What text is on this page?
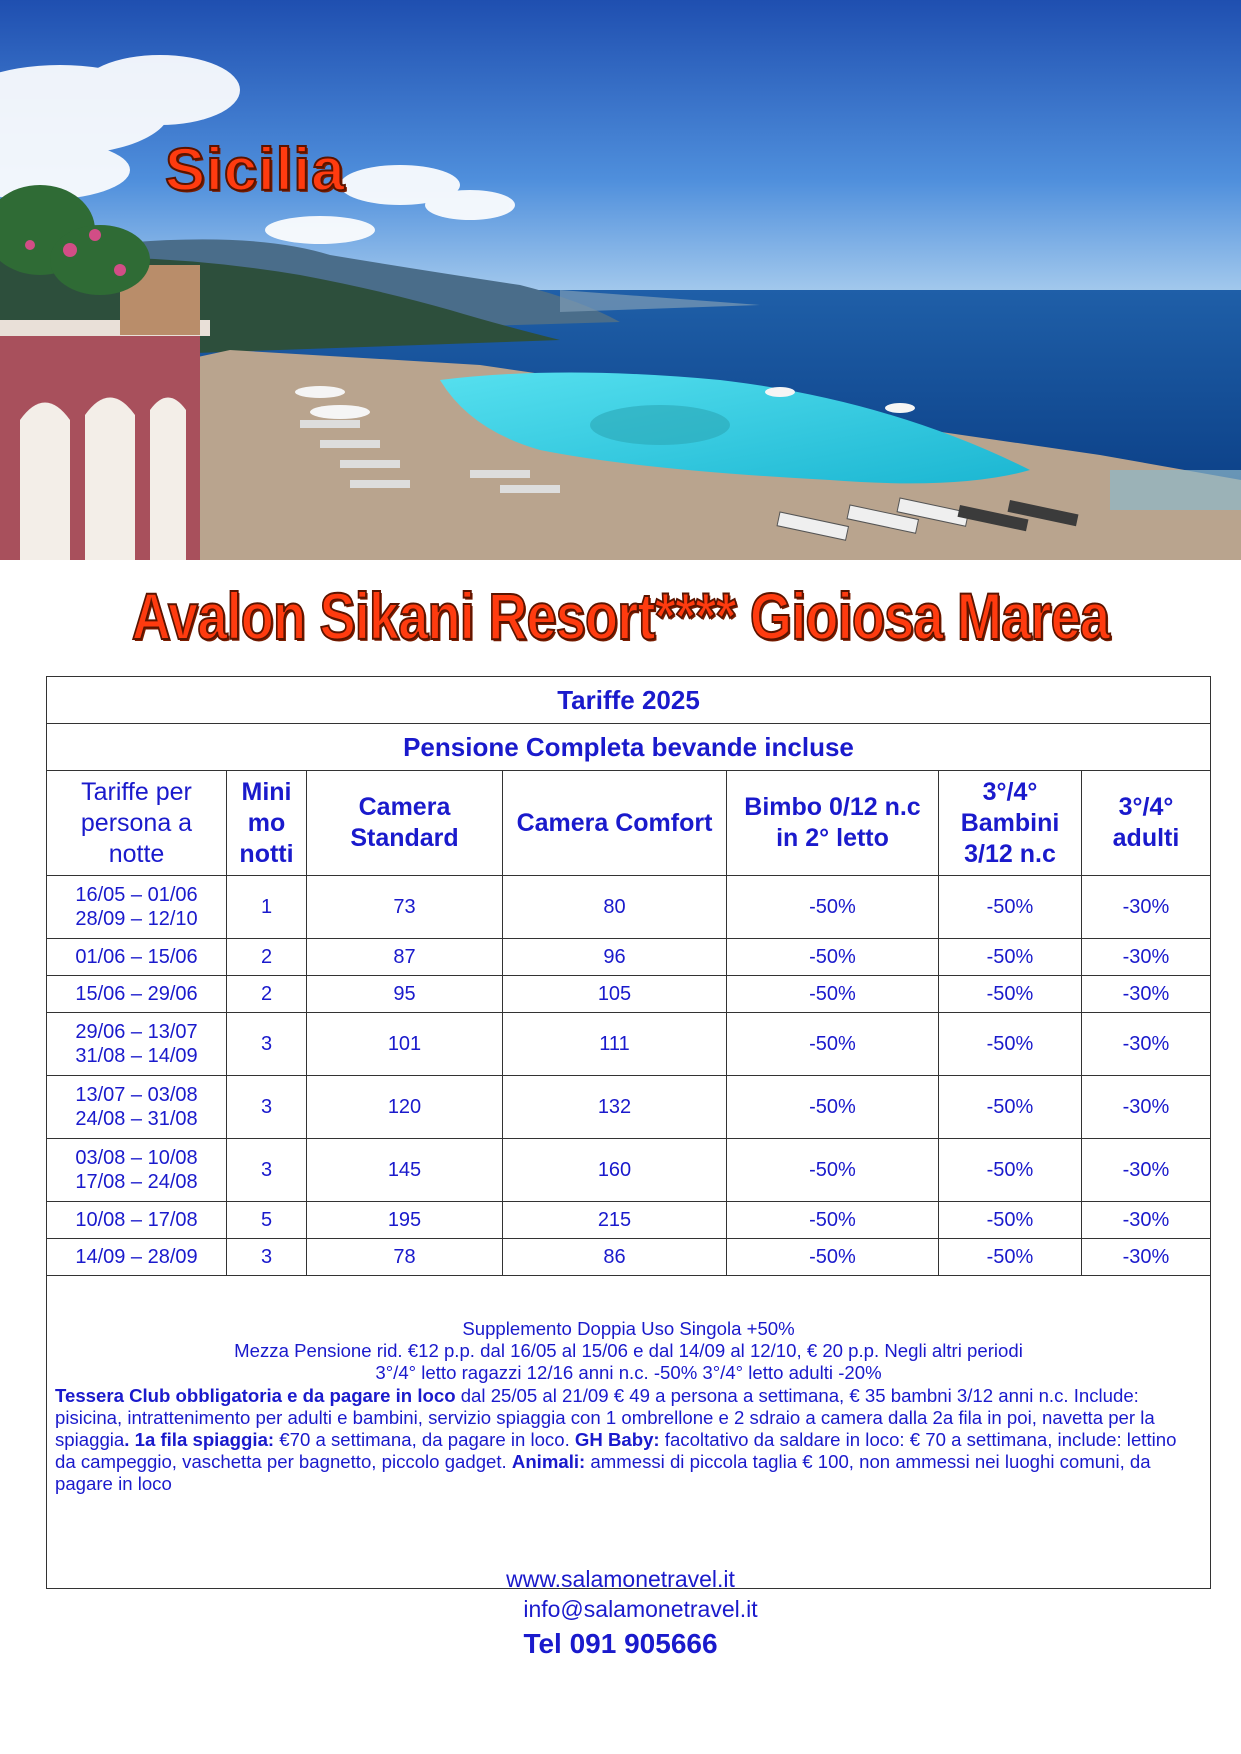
Sicilia
Avalon Sikani Resort**** Gioiosa Marea
Tariffe 2025						
Pensione Completa bevande incluse						
Tariffe per persona a notte	Mini mo notti	Camera Standard	Camera Comfort	Bimbo 0/12 n.c in 2° letto	3°/4° Bambini 3/12 n.c	3°/4° adulti

16/05 – 01/06
28/09 – 12/10	1	73	80	-50%	-50%	-30%

01/06 – 15/06	2	87	96	-50%	-50%	-30%

15/06 – 29/06	2	95	105	-50%	-50%	-30%

29/06 – 13/07
31/08 – 14/09	3	101	111	-50%	-50%	-30%

13/07 – 03/08
24/08 – 31/08	3	120	132	-50%	-50%	-30%

03/08 – 10/08
17/08 – 24/08	3	145	160	-50%	-50%	-30%

10/08 – 17/08	5	195	215	-50%	-50%	-30%

14/09 – 28/09	3	78	86	-50%	-50%	-30%

Supplemento Doppia Uso Singola +50%
Mezza Pensione rid. €12 p.p. dal 16/05 al 15/06 e dal 14/09 al 12/10, € 20 p.p. Negli altri periodi
3°/4° letto ragazzi 12/16 anni n.c. -50% 3°/4° letto adulti -20%
Tessera Club obbligatoria e da pagare in loco dal 25/05 al 21/09 € 49 a persona a settimana, € 35 bambni 3/12 anni n.c. Include: pisicina, intrattenimento per adulti e bambini, servizio spiaggia con 1 ombrellone e 2 sdraio a camera dalla 2a fila in poi, navetta per la spiaggia. 1a fila spiaggia: €70 a settimana, da pagare in loco. GH Baby: facoltativo da saldare in loco: € 70 a settimana, include: lettino da campeggio, vaschetta per bagnetto, piccolo gadget. Animali: ammessi di piccola taglia € 100, non ammessi nei luoghi comuni, da pagare in loco						
www.salamonetravel.it
info@salamonetravel.it
Tel 091 905666
